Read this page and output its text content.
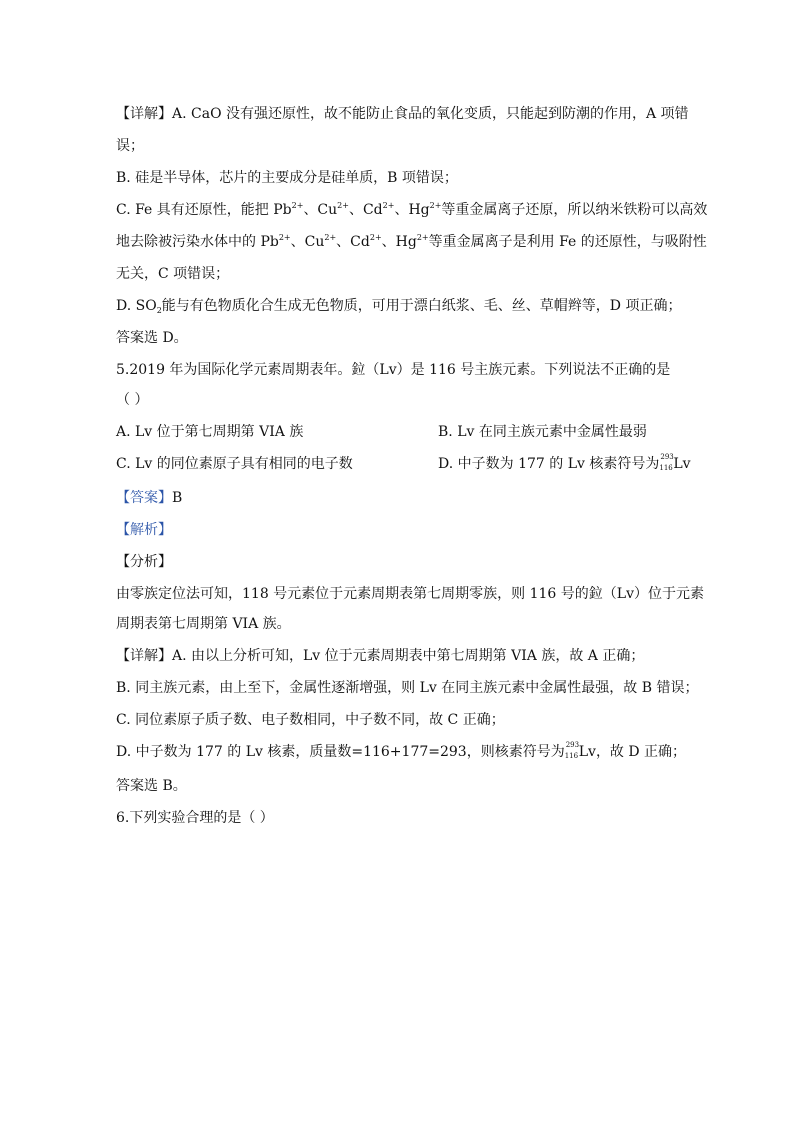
【详解】A. CaO 没有强还原性，故不能防止食品的氧化变质，只能起到防潮的作用，A 项错
误；
B. 硅是半导体，芯片的主要成分是硅单质，B 项错误；
C. Fe 具有还原性，能把 $Pb^{2+}$、$Cu^{2+}$、$Cd^{2+}$、$Hg^{2+}$等重金属离子还原，所以纳米铁粉可以高效
地去除被污染水体中的 $Pb^{2+}$、$Cu^{2+}$、$Cd^{2+}$、$Hg^{2+}$等重金属离子是利用 Fe 的还原性，与吸附性
无关，C 项错误；
D. $SO_2$能与有色物质化合生成无色物质，可用于漂白纸浆、毛、丝、草帽辫等，D 项正确；
答案选 D。
5.2019 年为国际化学元素周期表年。鉝（Lv）是 116 号主族元素。下列说法不正确的是
（ ）
A. Lv 位于第七周期第 VIA 族	B. Lv 在同主族元素中金属性最弱
C. Lv 的同位素原子具有相同的电子数	D. 中子数为 177 的 Lv 核素符号为 293
116 Lv
【答案】B
【解析】
【分析】
由零族定位法可知，118 号元素位于元素周期表第七周期零族，则 116 号的鉝（Lv）位于元素
周期表第七周期第 VIA 族。
【详解】A. 由以上分析可知，Lv 位于元素周期表中第七周期第 VIA 族，故 A 正确；
B. 同主族元素，由上至下，金属性逐渐增强，则 Lv 在同主族元素中金属性最强，故 B 错误；
C. 同位素原子质子数、电子数相同，中子数不同，故 C 正确；
D. 中子数为 177 的 Lv 核素，质量数=116+177=293，则核素符号为 293
116 Lv，故 D 正确；
答案选 B。
6.下列实验合理的是（ ）
